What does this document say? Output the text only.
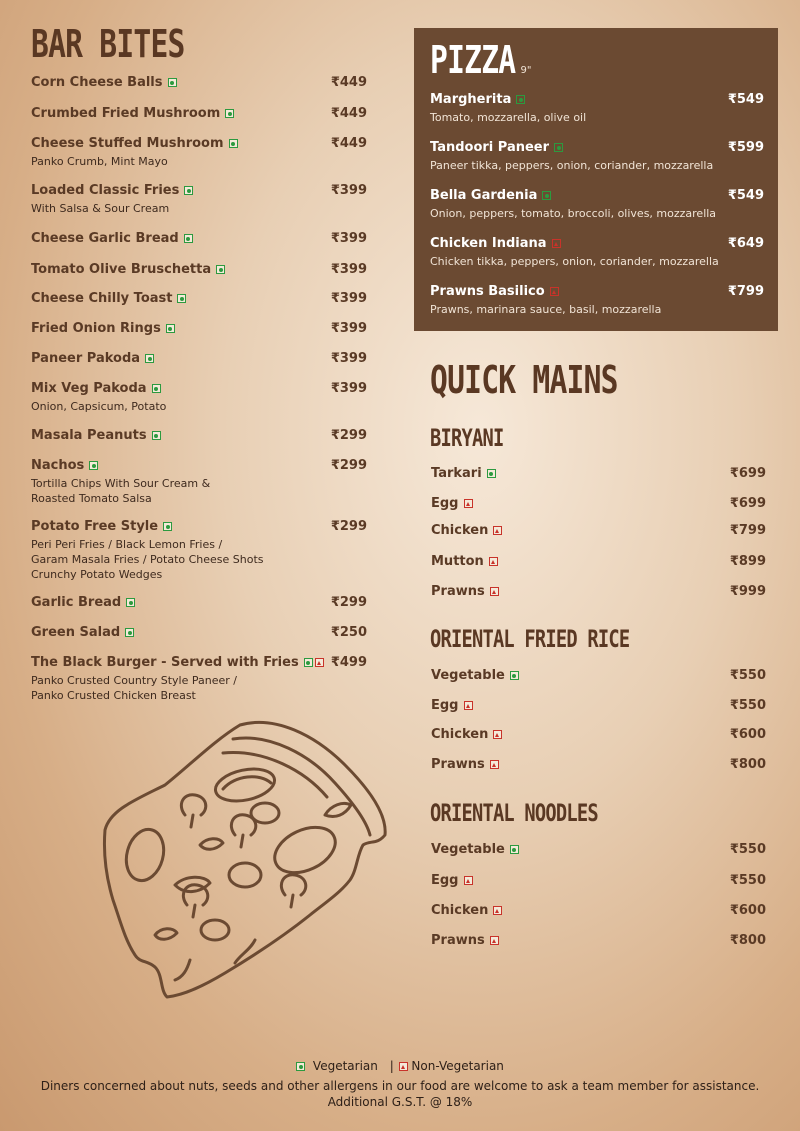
BAR BITES
Corn Cheese Balls	₹449
Crumbed Fried Mushroom	₹449
Cheese Stuffed Mushroom	₹449
Panko Crumb, Mint Mayo
Loaded Classic Fries	₹399
With Salsa & Sour Cream
Cheese Garlic Bread	₹399
Tomato Olive Bruschetta	₹399
Cheese Chilly Toast	₹399
Fried Onion Rings	₹399
Paneer Pakoda	₹399
Mix Veg Pakoda	₹399
Onion, Capsicum, Potato
Masala Peanuts	₹299
Nachos	₹299
Tortilla Chips With Sour Cream &
Roasted Tomato Salsa
Potato Free Style	₹299
Peri Peri Fries / Black Lemon Fries /
Garam Masala Fries / Potato Cheese Shots
Crunchy Potato Wedges
Garlic Bread	₹299
Green Salad	₹250
The Black Burger - Served with Fries	₹499
Panko Crusted Country Style Paneer /
Panko Crusted Chicken Breast
PIZZA 9"
Margherita	₹549
Tomato, mozzarella, olive oil
Tandoori Paneer	₹599
Paneer tikka, peppers, onion, coriander, mozzarella
Bella Gardenia	₹549
Onion, peppers, tomato, broccoli, olives, mozzarella
Chicken Indiana	₹649
Chicken tikka, peppers, onion, coriander, mozzarella
Prawns Basilico	₹799
Prawns, marinara sauce, basil, mozzarella
QUICK MAINS
BIRYANI
Tarkari	₹699
Egg	₹699
Chicken	₹799
Mutton	₹899
Prawns	₹999
ORIENTAL FRIED RICE
Vegetable	₹550
Egg	₹550
Chicken	₹600
Prawns	₹800
ORIENTAL NOODLES
Vegetable	₹550
Egg	₹550
Chicken	₹600
Prawns	₹800
Vegetarian | Non-Vegetarian
Diners concerned about nuts, seeds and other allergens in our food are welcome to ask a team member for assistance.
Additional G.S.T. @ 18%
